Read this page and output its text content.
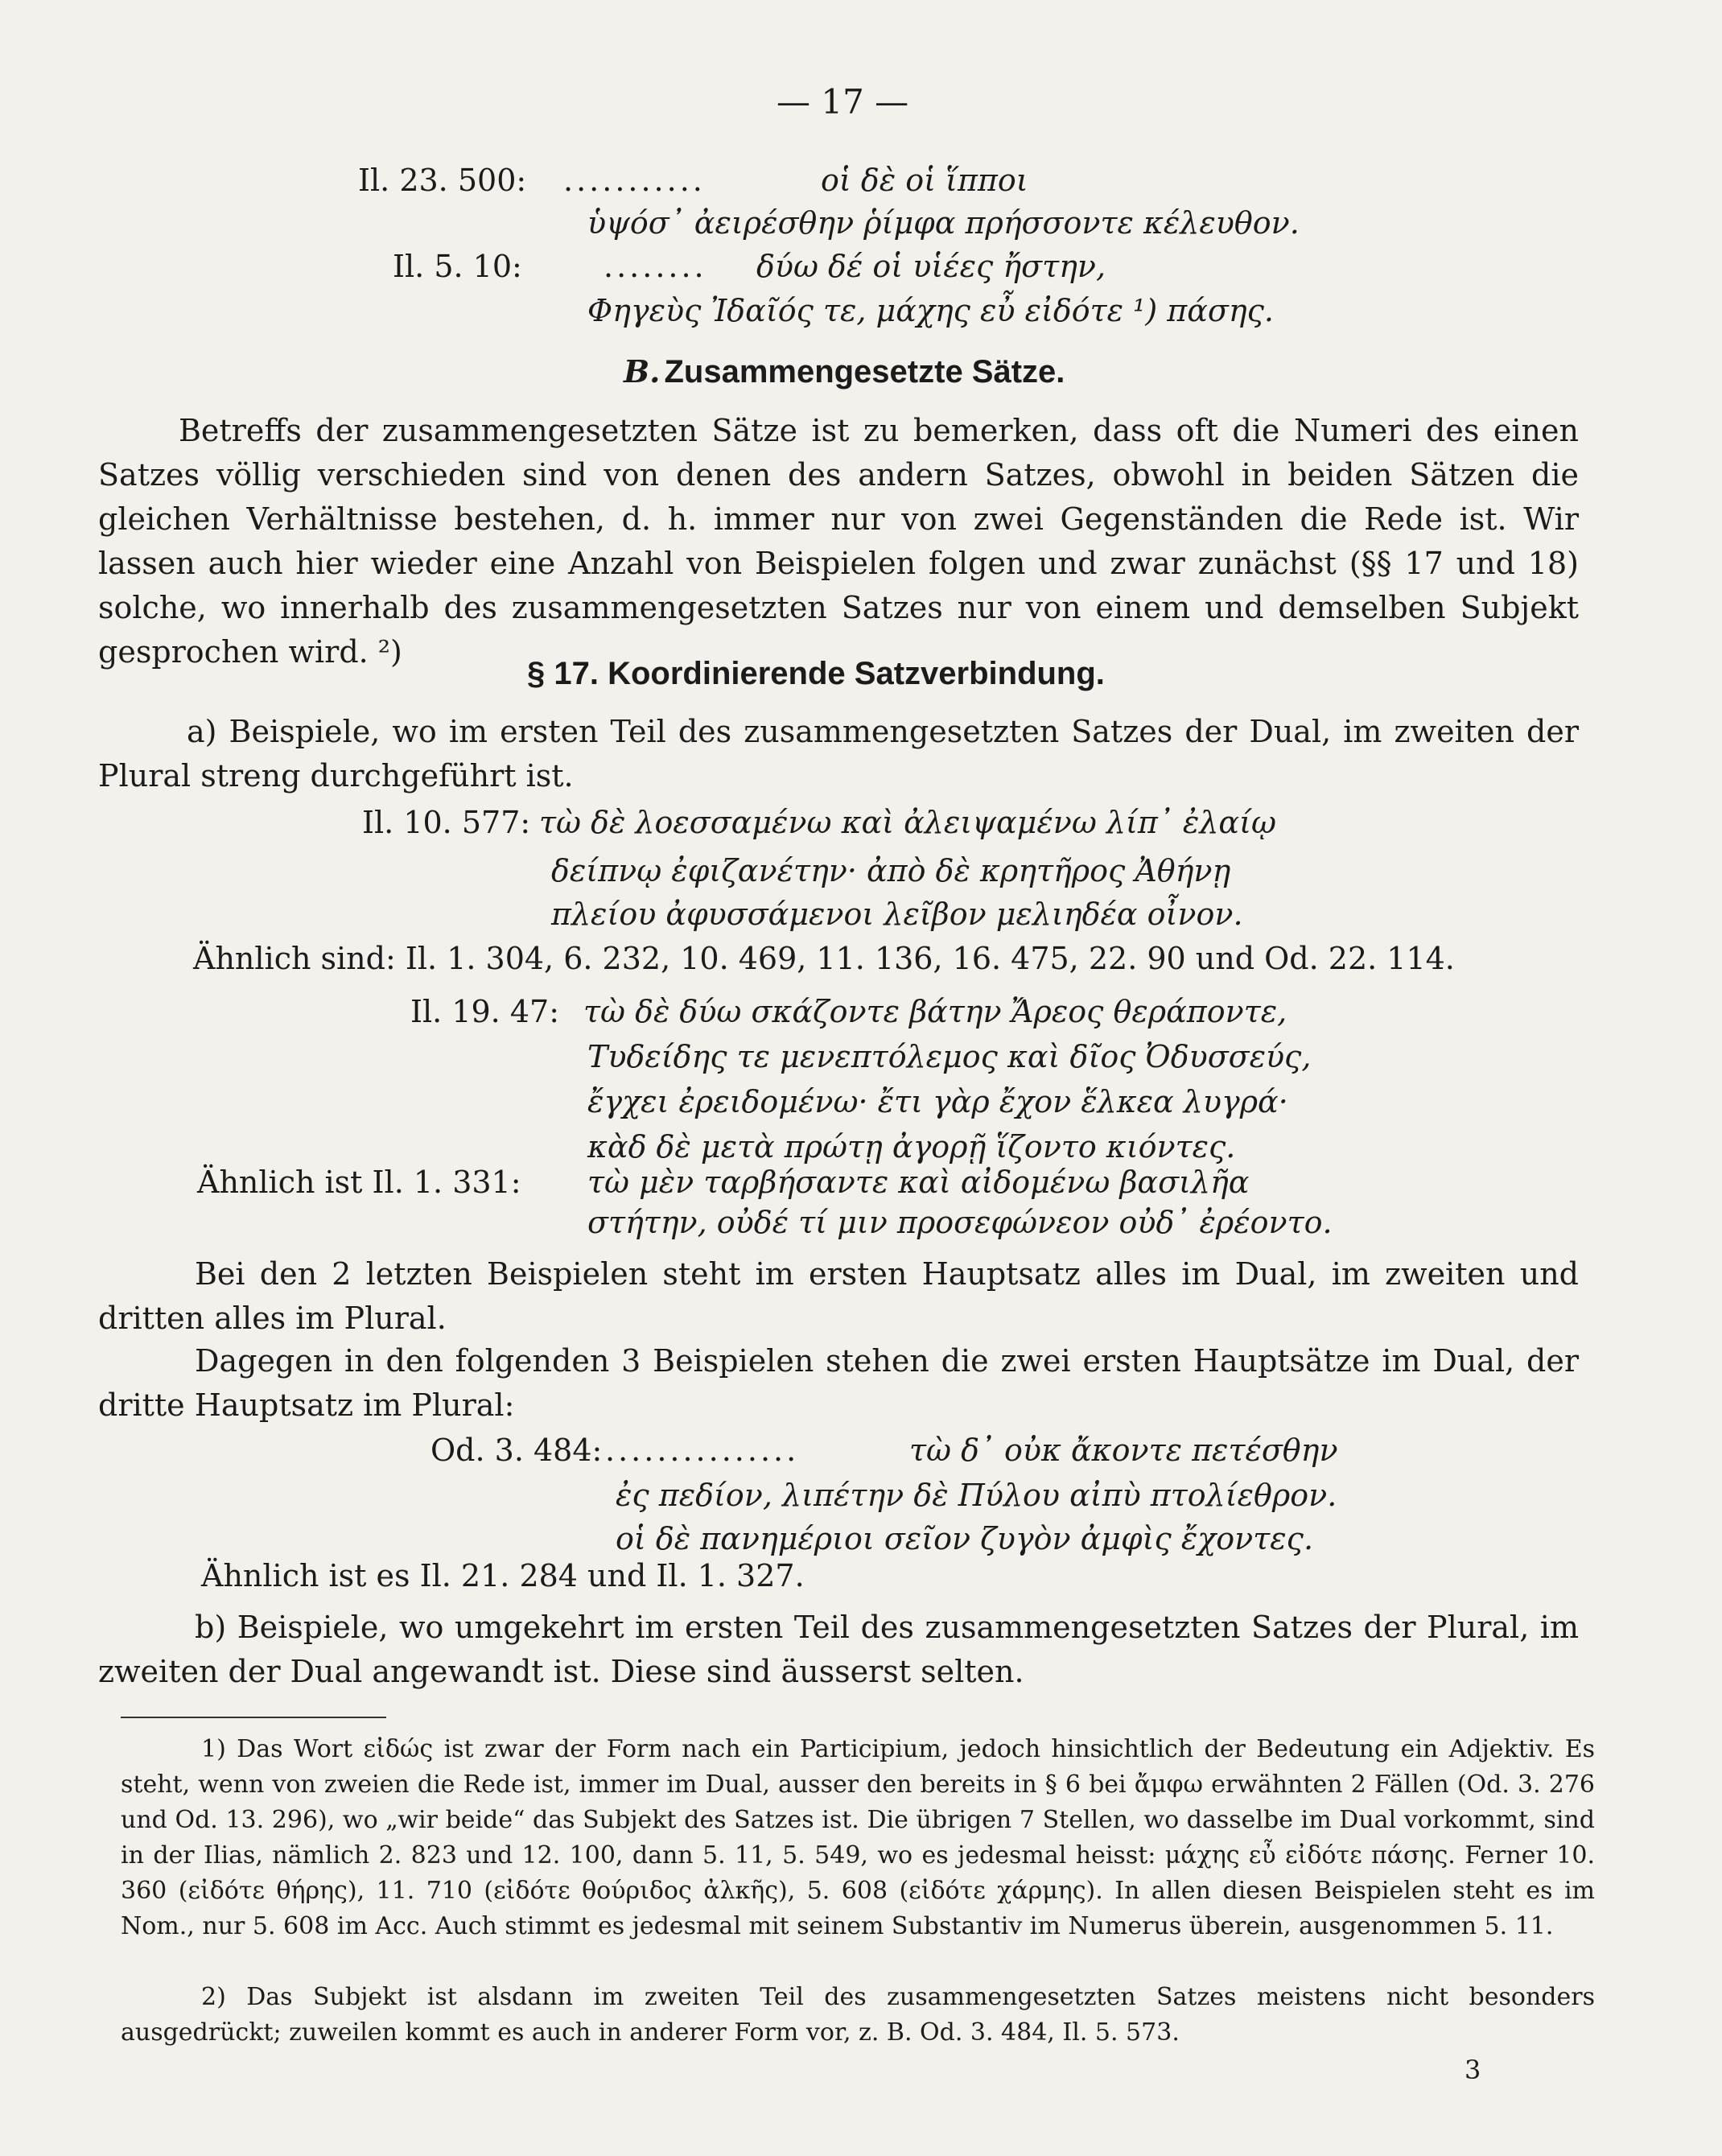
— 17 —
Il. 23. 500: ...........	οἱ δὲ οἱ ἵπποι
ὑψόσ᾽ ἀειρέσθην ῥίμφα πρήσσοντε κέλευθον.
Il. 5. 10:	........ δύω δέ οἱ υἱέες ἤστην,
Φηγεὺς Ἰδαῖός τε, μάχης εὖ εἰδότε ¹) πάσης.
B. Zusammengesetzte Sätze.
Betreffs der zusammengesetzten Sätze ist zu bemerken, dass oft die Numeri des einen Satzes völlig verschieden sind von denen des andern Satzes, obwohl in beiden Sätzen die gleichen Verhältnisse bestehen, d. h. immer nur von zwei Gegenständen die Rede ist. Wir lassen auch hier wieder eine Anzahl von Beispielen folgen und zwar zunächst (§§ 17 und 18) solche, wo innerhalb des zusammengesetzten Satzes nur von einem und demselben Subjekt gesprochen wird. ²)
§ 17. Koordinierende Satzverbindung.
a) Beispiele, wo im ersten Teil des zusammengesetzten Satzes der Dual, im zweiten der Plural streng durchgeführt ist.
Il. 10. 577: τὼ δὲ λοεσσαμένω καὶ ἀλειψαμένω λίπ᾽ ἐλαίῳ
δείπνῳ ἐφιζανέτην· ἀπὸ δὲ κρητῆρος Ἀθήνῃ
πλείου ἀφυσσάμενοι λεῖβον μελιηδέα οἶνον.
Ähnlich sind: Il. 1. 304, 6. 232, 10. 469, 11. 136, 16. 475, 22. 90 und Od. 22. 114.
Il. 19. 47: τὼ δὲ δύω σκάζοντε βάτην Ἄρεος θεράποντε,
Τυδείδης τε μενεπτόλεμος καὶ δῖος Ὀδυσσεύς,
ἔγχει ἐρειδομένω· ἔτι γὰρ ἔχον ἕλκεα λυγρά·
κὰδ δὲ μετὰ πρώτῃ ἀγορῇ ἵζοντο κιόντες.
Ähnlich ist Il. 1. 331: τὼ μὲν ταρβήσαντε καὶ αἰδομένω βασιλῆα
στήτην, οὐδέ τί μιν προσεφώνεον οὐδ᾽ ἐρέοντο.
Bei den 2 letzten Beispielen steht im ersten Hauptsatz alles im Dual, im zweiten und dritten alles im Plural.
Dagegen in den folgenden 3 Beispielen stehen die zwei ersten Hauptsätze im Dual, der dritte Hauptsatz im Plural:
Od. 3. 484: ...............	τὼ δ᾽ οὐκ ἄκοντε πετέσθην
ἐς πεδίον, λιπέτην δὲ Πύλου αἰπὺ πτολίεθρον.
οἱ δὲ πανημέριοι σεῖον ζυγὸν ἀμφὶς ἔχοντες.
Ähnlich ist es Il. 21. 284 und Il. 1. 327.
b) Beispiele, wo umgekehrt im ersten Teil des zusammengesetzten Satzes der Plural, im zweiten der Dual angewandt ist. Diese sind äusserst selten.
1) Das Wort εἰδώς ist zwar der Form nach ein Participium, jedoch hinsichtlich der Bedeutung ein Adjektiv. Es steht, wenn von zweien die Rede ist, immer im Dual, ausser den bereits in § 6 bei ἄμφω erwähnten 2 Fällen (Od. 3. 276 und Od. 13. 296), wo „wir beide“ das Subjekt des Satzes ist. Die übrigen 7 Stellen, wo dasselbe im Dual vorkommt, sind in der Ilias, nämlich 2. 823 und 12. 100, dann 5. 11, 5. 549, wo es jedesmal heisst: μάχης εὖ εἰδότε πάσης. Ferner 10. 360 (εἰδότε θήρης), 11. 710 (εἰδότε θούριδος ἀλκῆς), 5. 608 (εἰδότε χάρμης). In allen diesen Beispielen steht es im Nom., nur 5. 608 im Acc. Auch stimmt es jedesmal mit seinem Substantiv im Numerus überein, ausgenommen 5. 11.
2) Das Subjekt ist alsdann im zweiten Teil des zusammengesetzten Satzes meistens nicht besonders ausgedrückt; zuweilen kommt es auch in anderer Form vor, z. B. Od. 3. 484, Il. 5. 573.
3
